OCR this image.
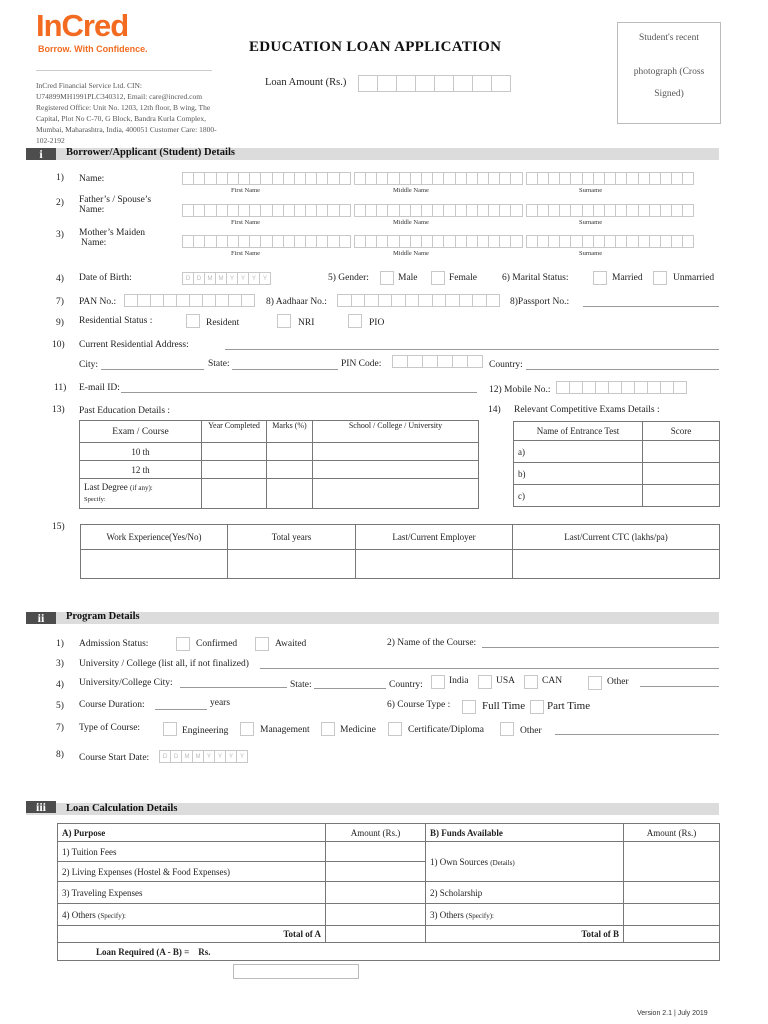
InCred
Borrow. With Confidence.
InCred Financial Service Ltd. CIN: U74899MH1991PLC340312, Email: care@incred.com Registered Office: Unit No. 1203, 12th floor, B wing, The Capital, Plot No C-70, G Block, Bandra Kurla Complex, Mumbai, Maharashtra, India, 400051 Customer Care: 1800-102-2192
EDUCATION LOAN APPLICATION
Loan Amount (Rs.)
Student's recent
photograph (Cross
Signed)
i	Borrower/Applicant (Student) Details
1) Name:
First Name	Middle Name	Surname
2) Father’s / Spouse’s
Name:
First Name	Middle Name	Surname
3) Mother’s Maiden
Name:
First Name	Middle Name	Surname
4) Date of Birth:	D	D	M	M	Y	Y	Y	Y	5) Gender:	Male	Female	6) Marital Status:	Married	Unmarried
7) PAN No.:	8) Aadhaar No.:	8)Passport No.:
9) Residential Status :	Resident	NRI	PIO
10) Current Residential Address:
City:	State:	PIN Code:	Country:
11) E-mail ID:	12) Mobile No.:
13) Past Education Details :	14) Relevant Competitive Exams Details :
Exam / Course	Year Completed	Marks (%)	School / College / University
10 th			
12 th			
Last Degree (if any):
Specify:			
Name of Entrance Test	Score
a)	
b)	
c)	
15)
Work Experience(Yes/No)	Total years	Last/Current Employer	Last/Current CTC (lakhs/pa)

ii	Program Details
1) Admission Status:	Confirmed	Awaited	2) Name of the Course:
3) University / College (list all, if not finalized)
4) University/College City:	State:	Country:	India	USA	CAN	Other
5) Course Duration:	years	6) Course Type :	Full Time Part Time
7) Type of Course:	Engineering	Management	Medicine	Certificate/Diploma	Other
8) Course Start Date:	D	D	M	M	Y	Y	Y	Y
iii	Loan Calculation Details
A) Purpose	Amount (Rs.)	B) Funds Available	Amount (Rs.)
1) Tuition Fees		1) Own Sources (Details)	
2) Living Expenses (Hostel & Food Expenses)			
3) Traveling Expenses		2) Scholarship	
4) Others (Specify):		3) Others (Specify):	
Total of A		Total of B	
Loan Required (A - B) = Rs.			
Version 2.1 | July 2019
